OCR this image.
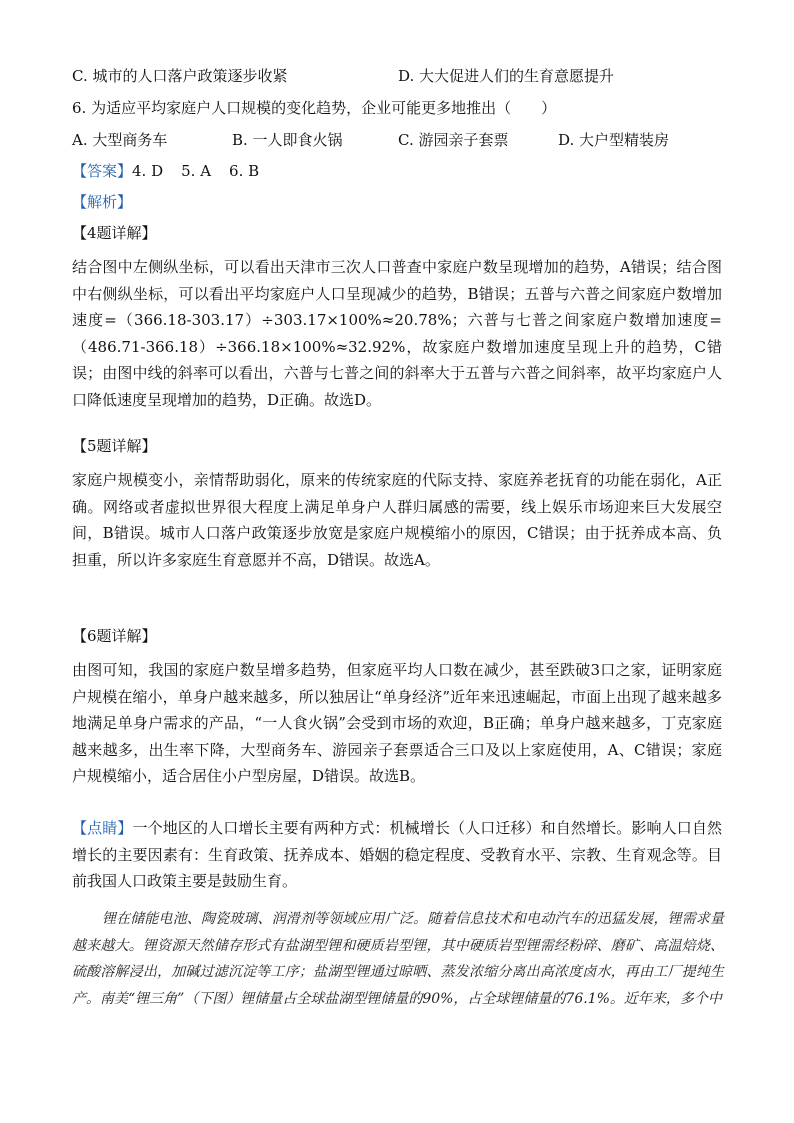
C. 城市的人口落户政策逐步收紧	D. 大大促进人们的生育意愿提升
6. 为适应平均家庭户人口规模的变化趋势，企业可能更多地推出（　　）
A. 大型商务车	B. 一人即食火锅	C. 游园亲子套票	D. 大户型精装房
【答案】4. D 5. A 6. B
【解析】
【4题详解】
结合图中左侧纵坐标，可以看出天津市三次人口普查中家庭户数呈现增加的趋势，A错误；结合图中右侧纵坐标，可以看出平均家庭户人口呈现减少的趋势，B错误；五普与六普之间家庭户数增加速度=（366.18-303.17）÷303.17×100%≈20.78%；六普与七普之间家庭户数增加速度=（486.71-366.18）÷366.18×100%≈32.92%，故家庭户数增加速度呈现上升的趋势，C错误；由图中线的斜率可以看出，六普与七普之间的斜率大于五普与六普之间斜率，故平均家庭户人口降低速度呈现增加的趋势，D正确。故选D。
【5题详解】
家庭户规模变小，亲情帮助弱化，原来的传统家庭的代际支持、家庭养老抚育的功能在弱化，A正确。网络或者虚拟世界很大程度上满足单身户人群归属感的需要，线上娱乐市场迎来巨大发展空间，B错误。城市人口落户政策逐步放宽是家庭户规模缩小的原因，C错误；由于抚养成本高、负担重，所以许多家庭生育意愿并不高，D错误。故选A。
【6题详解】
由图可知，我国的家庭户数呈增多趋势，但家庭平均人口数在减少，甚至跌破3口之家，证明家庭户规模在缩小，单身户越来越多，所以独居让“单身经济”近年来迅速崛起，市面上出现了越来越多地满足单身户需求的产品，“一人食火锅”会受到市场的欢迎，B正确；单身户越来越多，丁克家庭越来越多，出生率下降，大型商务车、游园亲子套票适合三口及以上家庭使用，A、C错误；家庭户规模缩小，适合居住小户型房屋，D错误。故选B。
【点睛】一个地区的人口增长主要有两种方式：机械增长（人口迁移）和自然增长。影响人口自然增长的主要因素有：生育政策、抚养成本、婚姻的稳定程度、受教育水平、宗教、生育观念等。目前我国人口政策主要是鼓励生育。
锂在储能电池、陶瓷玻璃、润滑剂等领域应用广泛。随着信息技术和电动汽车的迅猛发展，锂需求量越来越大。锂资源天然储存形式有盐湖型锂和硬质岩型锂，其中硬质岩型锂需经粉碎、磨矿、高温焙烧、硫酸溶解浸出，加碱过滤沉淀等工序；盐湖型锂通过晾晒、蒸发浓缩分离出高浓度卤水，再由工厂提纯生产。南美“锂三角”（下图）锂储量占全球盐湖型锂储量的90%，占全球锂储量的76.1%。近年来，多个中
